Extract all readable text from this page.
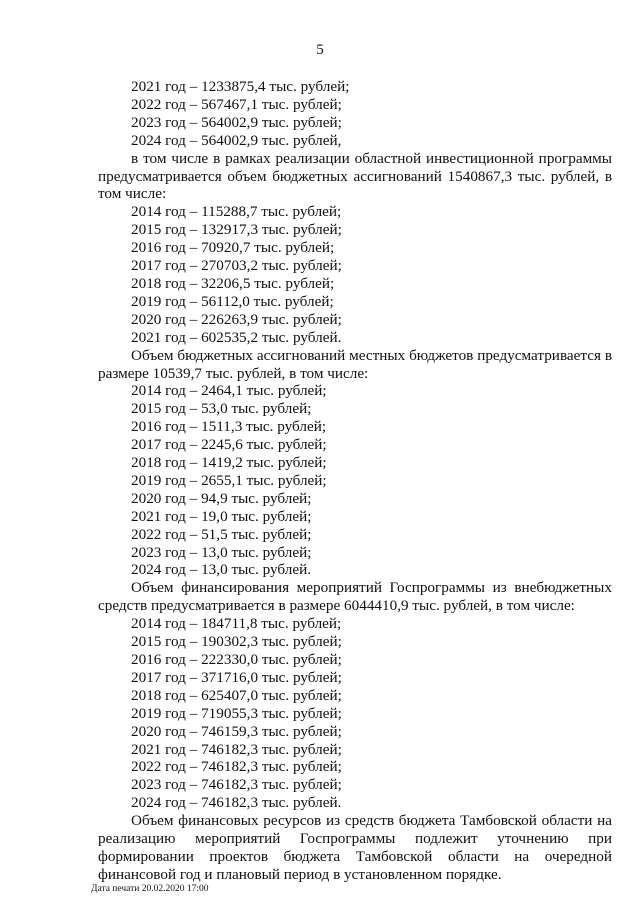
5
2021 год – 1233875,4 тыс. рублей;
2022 год – 567467,1 тыс. рублей;
2023 год – 564002,9 тыс. рублей;
2024 год – 564002,9 тыс. рублей,
в том числе в рамках реализации областной инвестиционной программы предусматривается объем бюджетных ассигнований 1540867,3 тыс. рублей, в том числе:
2014 год – 115288,7 тыс. рублей;
2015 год – 132917,3 тыс. рублей;
2016 год – 70920,7 тыс. рублей;
2017 год – 270703,2 тыс. рублей;
2018 год – 32206,5 тыс. рублей;
2019 год – 56112,0 тыс. рублей;
2020 год – 226263,9 тыс. рублей;
2021 год – 602535,2 тыс. рублей.
Объем бюджетных ассигнований местных бюджетов предусматривается в размере 10539,7 тыс. рублей, в том числе:
2014 год – 2464,1 тыс. рублей;
2015 год – 53,0 тыс. рублей;
2016 год – 1511,3 тыс. рублей;
2017 год – 2245,6 тыс. рублей;
2018 год – 1419,2 тыс. рублей;
2019 год – 2655,1 тыс. рублей;
2020 год – 94,9 тыс. рублей;
2021 год – 19,0 тыс. рублей;
2022 год – 51,5 тыс. рублей;
2023 год – 13,0 тыс. рублей;
2024 год – 13,0 тыс. рублей.
Объем финансирования мероприятий Госпрограммы из внебюджетных средств предусматривается в размере 6044410,9 тыс. рублей, в том числе:
2014 год – 184711,8 тыс. рублей;
2015 год – 190302,3 тыс. рублей;
2016 год – 222330,0 тыс. рублей;
2017 год – 371716,0 тыс. рублей;
2018 год – 625407,0 тыс. рублей;
2019 год – 719055,3 тыс. рублей;
2020 год – 746159,3 тыс. рублей;
2021 год – 746182,3 тыс. рублей;
2022 год – 746182,3 тыс. рублей;
2023 год – 746182,3 тыс. рублей;
2024 год – 746182,3 тыс. рублей.
Объем финансовых ресурсов из средств бюджета Тамбовской области на реализацию мероприятий Госпрограммы подлежит уточнению при формировании проектов бюджета Тамбовской области на очередной финансовой год и плановый период в установленном порядке.
Дата печати 20.02.2020 17:00
